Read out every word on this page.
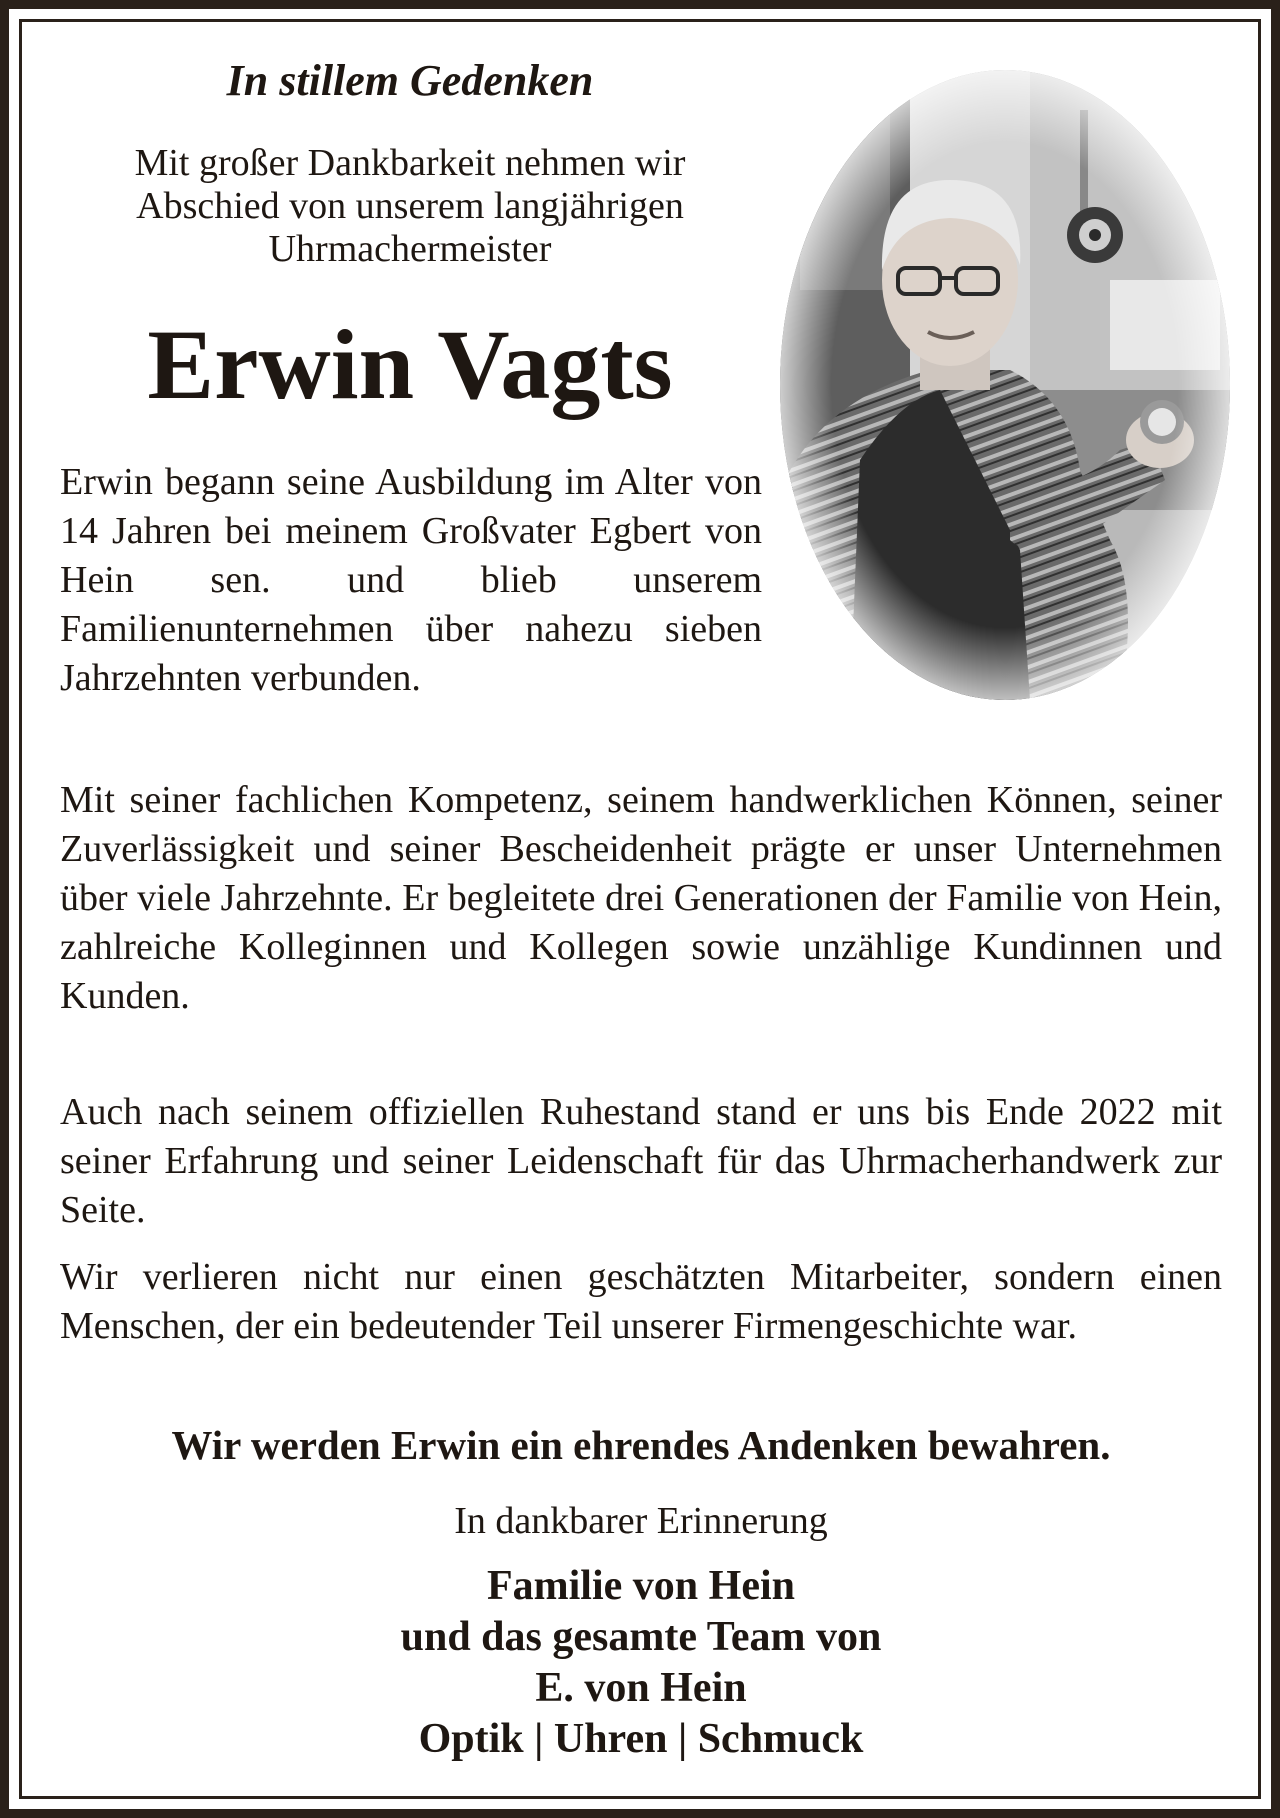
In stillem Gedenken
Mit großer Dankbarkeit nehmen wir
Abschied von unserem langjährigen
Uhrmachermeister
Erwin Vagts

Erwin begann seine Ausbildung im Alter von 14 Jahren bei meinem Großvater Egbert von Hein sen. und blieb unserem Familienunternehmen über nahezu sieben Jahrzehnten verbunden.

Mit seiner fachlichen Kompetenz, seinem handwerklichen Können, seiner Zuverlässigkeit und seiner Bescheidenheit prägte er unser Unternehmen über viele Jahrzehnte. Er begleitete drei Generationen der Familie von Hein, zahlreiche Kolleginnen und Kollegen sowie unzählige Kundinnen und Kunden.

Auch nach seinem offiziellen Ruhestand stand er uns bis Ende 2022 mit seiner Erfahrung und seiner Leidenschaft für das Uhrmacherhandwerk zur Seite.

Wir verlieren nicht nur einen geschätzten Mitarbeiter, sondern einen Menschen, der ein bedeutender Teil unserer Firmengeschichte war.

Wir werden Erwin ein ehrendes Andenken bewahren.
In dankbarer Erinnerung
Familie von Hein
und das gesamte Team von
E. von Hein
Optik | Uhren | Schmuck
